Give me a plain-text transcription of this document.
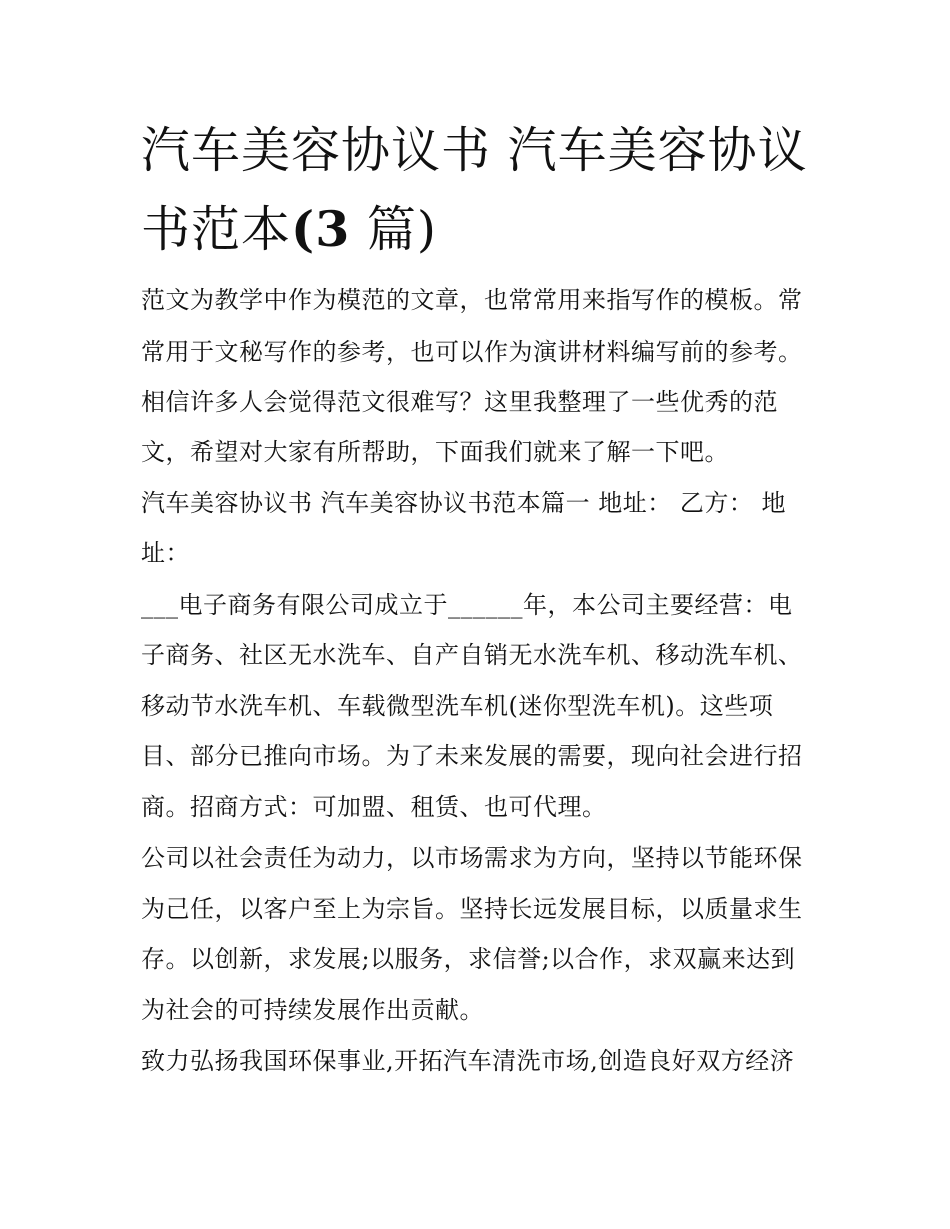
汽车美容协议书 汽车美容协议
书范本(3 篇)
范文为教学中作为模范的文章，也常常用来指写作的模板。常
常用于文秘写作的参考，也可以作为演讲材料编写前的参考。
相信许多人会觉得范文很难写？这里我整理了一些优秀的范
文，希望对大家有所帮助，下面我们就来了解一下吧。
汽车美容协议书 汽车美容协议书范本篇一 地址： 乙方： 地
址：
___电子商务有限公司成立于______年，本公司主要经营：电
子商务、社区无水洗车、自产自销无水洗车机、移动洗车机、
移动节水洗车机、车载微型洗车机(迷你型洗车机)。这些项
目、部分已推向市场。为了未来发展的需要，现向社会进行招
商。招商方式：可加盟、租赁、也可代理。
公司以社会责任为动力，以市场需求为方向，坚持以节能环保
为己任，以客户至上为宗旨。坚持长远发展目标，以质量求生
存。以创新，求发展;以服务，求信誉;以合作，求双赢来达到
为社会的可持续发展作出贡献。
致力弘扬我国环保事业,开拓汽车清洗市场,创造良好双方经济
